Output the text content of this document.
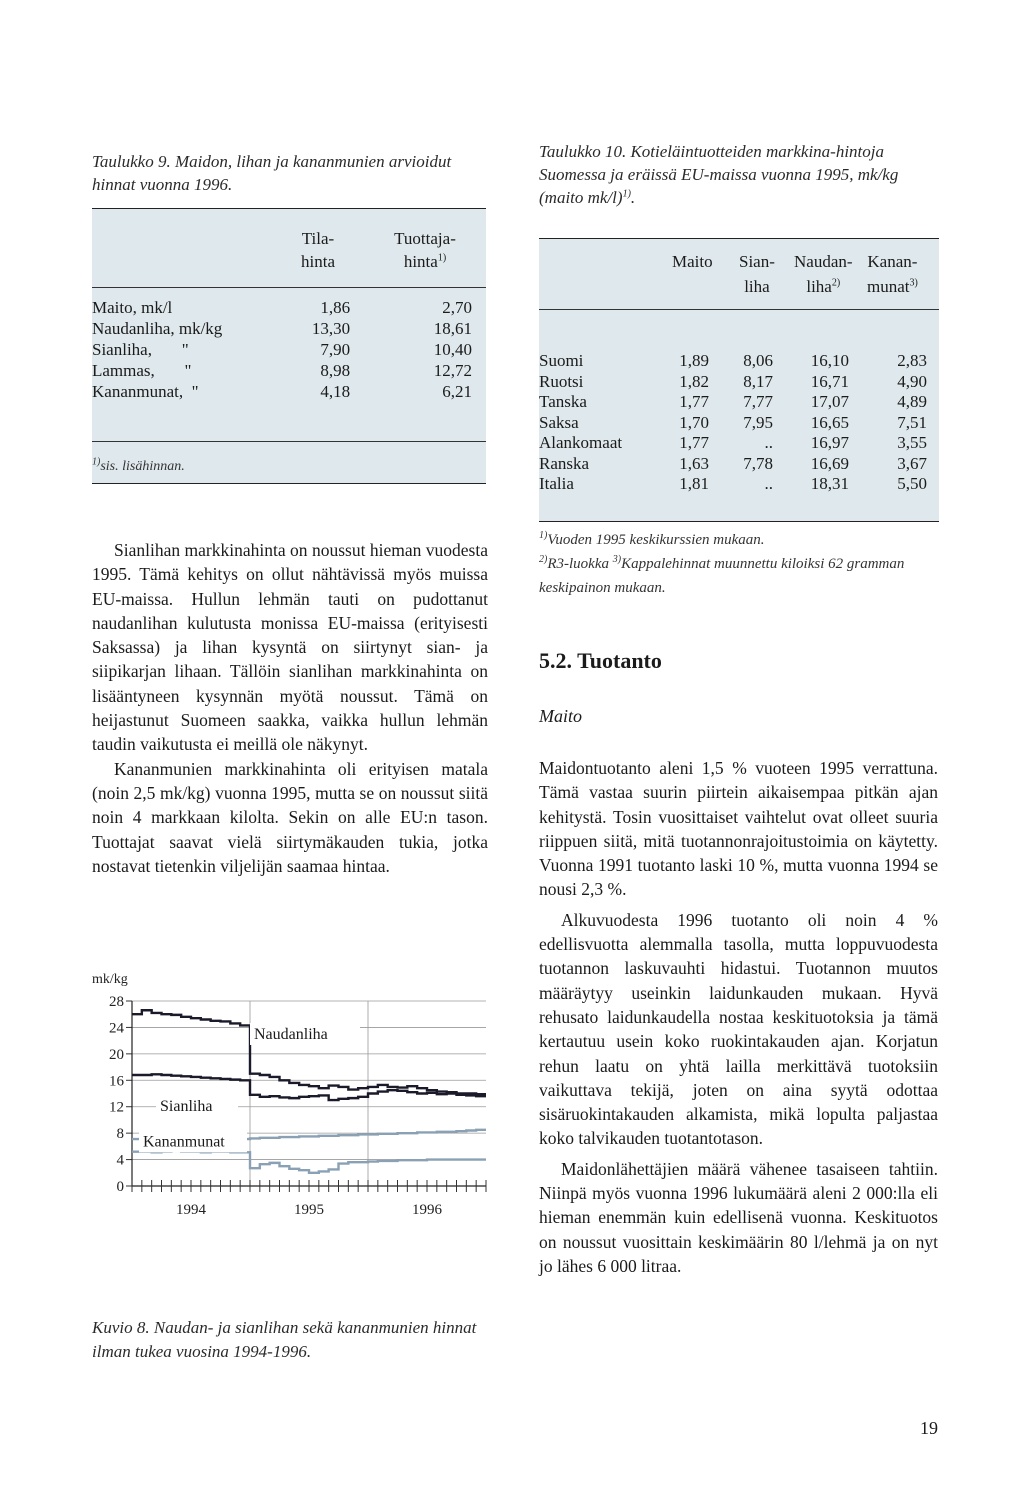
Taulukko 9. Maidon, lihan ja kananmunien arvioidut hinnat vuonna 1996.
Tila-
hinta
Tuottaja-
hinta$^{1)}$
Maito, mk/l	1,86	2,70
Naudanliha, mk/kg	13,30	18,61
Sianliha,       "	7,90	10,40
Lammas,       "	8,98	12,72
Kananmunat,  "	4,18	6,21
$^{1)}$sis. lisähinnan.

Sianlihan markkinahinta on noussut hieman vuodesta 1995. Tämä kehitys on ollut nähtävissä myös muissa EU-maissa. Hullun lehmän tauti on pudottanut naudanlihan kulutusta monissa EU-maissa (erityisesti Saksassa) ja lihan kysyntä on siirtynyt sian- ja siipikarjan lihaan. Tällöin sianlihan markkinahinta on lisääntyneen kysynnän myötä noussut. Tämä on heijastunut Suomeen saakka, vaikka hullun lehmän taudin vaikutusta ei meillä ole näkynyt.

Kananmunien markkinahinta oli erityisen matala (noin 2,5 mk/kg) vuonna 1995, mutta se on noussut siitä noin 4 markkaan kilolta. Sekin on alle EU:n tason. Tuottajat saavat vielä siirtymäkauden tukia, jotka nostavat tietenkin viljelijän saamaa hintaa.

mk/kg
0
4
8
12
16
20
24
28
1994	1995	1996
Naudanliha
Sianliha
Kananmunat
Kuvio 8. Naudan- ja sianlihan sekä kananmunien hinnat ilman tukea vuosina 1994-1996.
Taulukko 10. Kotieläintuotteiden markkina-hintoja Suomessa ja eräissä EU-maissa vuonna 1995, mk/kg (maito mk/l)$^{1)}$.
Maito Sian-
liha
Naudan-
liha$^{2)}$
Kanan-
munat$^{3)}$
Suomi	1,89	8,06	16,10	2,83
Ruotsi	1,82	8,17	16,71	4,90
Tanska	1,77	7,77	17,07	4,89
Saksa	1,70	7,95	16,65	7,51
Alankomaat	1,77	..	16,97	3,55
Ranska	1,63	7,78	16,69	3,67
Italia	1,81	..	18,31	5,50
$^{1)}$Vuoden 1995 keskikurssien mukaan.
$^{2)}$R3-luokka $^{3)}$Kappalehinnat muunnettu kiloiksi 62 gramman keskipainon mukaan.
5.2. Tuotanto
Maito

Maidontuotanto aleni 1,5 % vuoteen 1995 verrattuna. Tämä vastaa suurin piirtein aikaisempaa pitkän ajan kehitystä. Tosin vuosittaiset vaihtelut ovat olleet suuria riippuen siitä, mitä tuotannonrajoitustoimia on käytetty. Vuonna 1991 tuotanto laski 10 %, mutta vuonna 1994 se nousi 2,3 %.

Alkuvuodesta 1996 tuotanto oli noin 4 % edellisvuotta alemmalla tasolla, mutta loppuvuodesta tuotannon laskuvauhti hidastui. Tuotannon muutos määräytyy useinkin laidunkauden mukaan. Hyvä rehusato laidunkaudella nostaa keskituotoksia ja tämä kertautuu usein koko ruokintakauden ajan. Korjatun rehun laatu on yhtä lailla merkittävä tuotoksiin vaikuttava tekijä, joten on aina syytä odottaa sisäruokintakauden alkamista, mikä lopulta paljastaa koko talvikauden tuotantotason.

Maidonlähettäjien määrä vähenee tasaiseen tahtiin. Niinpä myös vuonna 1996 lukumäärä aleni 2 000:lla eli hieman enemmän kuin edellisenä vuonna. Keskituotos on noussut vuosittain keskimäärin 80 l/lehmä ja on nyt jo lähes 6 000 litraa.

19
